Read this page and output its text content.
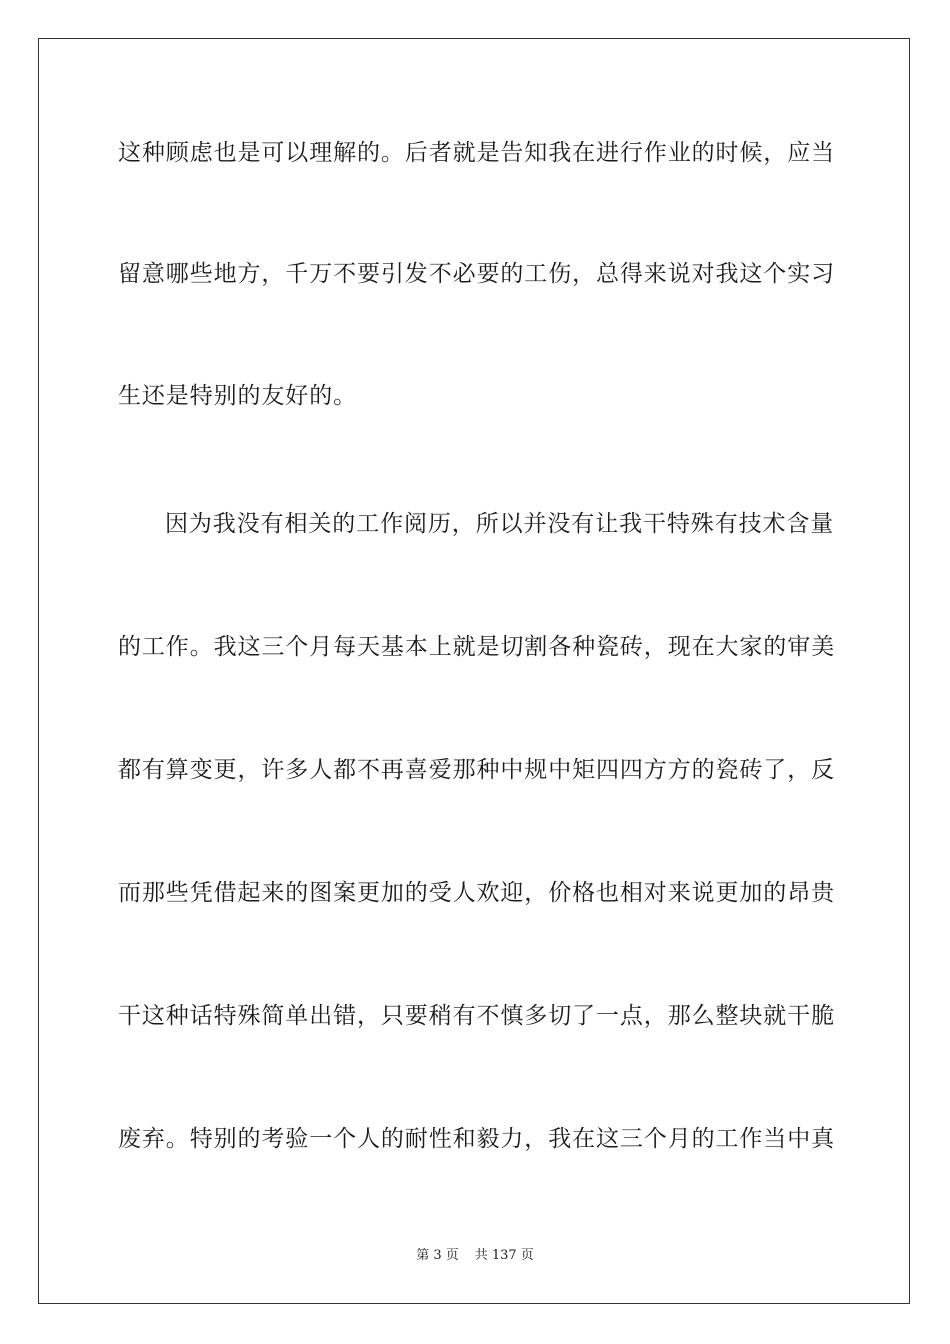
这种顾虑也是可以理解的。后者就是告知我在进行作业的时候，应当
留意哪些地方，千万不要引发不必要的工伤，总得来说对我这个实习
生还是特别的友好的。
因为我没有相关的工作阅历，所以并没有让我干特殊有技术含量
的工作。我这三个月每天基本上就是切割各种瓷砖，现在大家的审美
都有算变更，许多人都不再喜爱那种中规中矩四四方方的瓷砖了，反
而那些凭借起来的图案更加的受人欢迎，价格也相对来说更加的昂贵
干这种话特殊简单出错，只要稍有不慎多切了一点，那么整块就干脆
废弃。特别的考验一个人的耐性和毅力，我在这三个月的工作当中真
第 3 页 共 137 页
